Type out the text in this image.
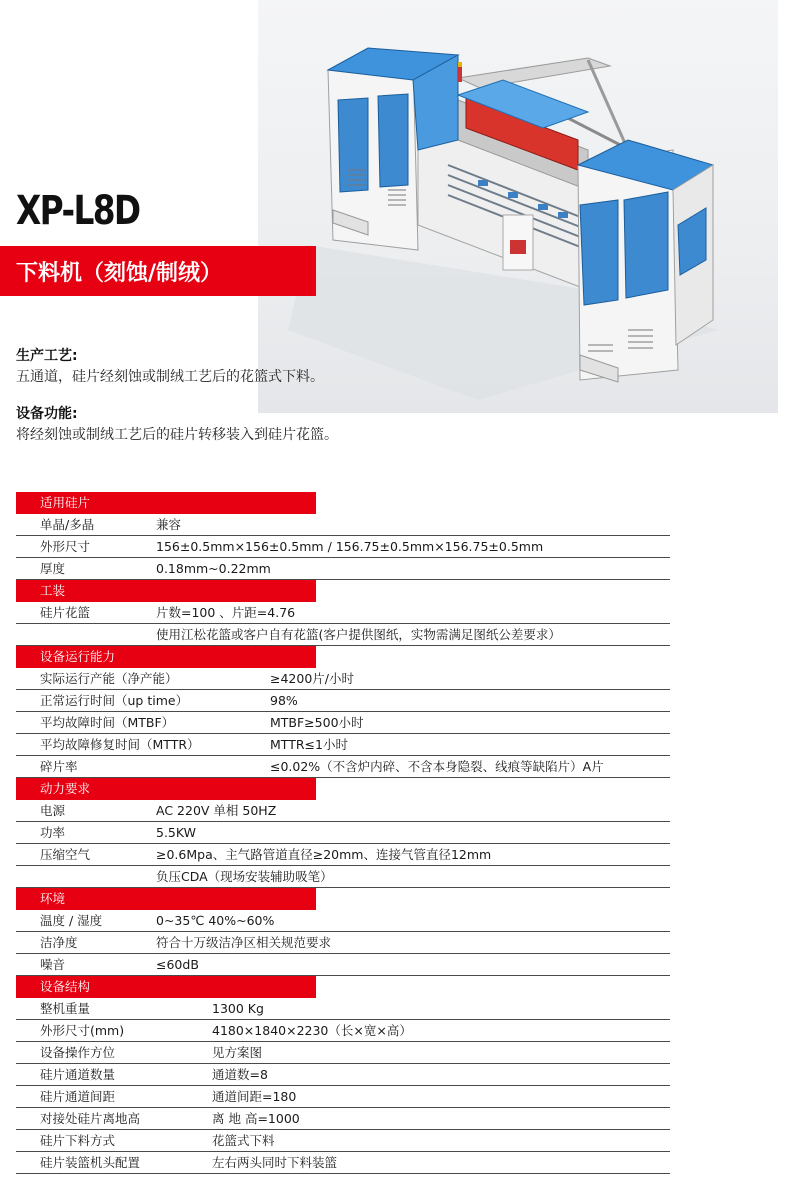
XP-L8D
下料机（刻蚀/制绒）
生产工艺:
五通道，硅片经刻蚀或制绒工艺后的花篮式下料。
设备功能:
将经刻蚀或制绒工艺后的硅片转移装入到硅片花篮。
适用硅片
单晶/多晶	兼容
外形尺寸	156±0.5mm×156±0.5mm / 156.75±0.5mm×156.75±0.5mm
厚度	0.18mm~0.22mm
工装
硅片花篮	片数=100 、片距=4.76
使用江松花篮或客户自有花篮(客户提供图纸，实物需满足图纸公差要求）
设备运行能力
实际运行产能（净产能）	≥4200片/小时
正常运行时间（up time）	98%
平均故障时间（MTBF）	MTBF≥500小时
平均故障修复时间（MTTR）	MTTR≤1小时
碎片率	≤0.02%（不含炉内碎、不含本身隐裂、线痕等缺陷片）A片
动力要求
电源	AC 220V 单相 50HZ
功率	5.5KW
压缩空气	≥0.6Mpa、主气路管道直径≥20mm、连接气管直径12mm
负压CDA（现场安装辅助吸笔）
环境
温度 / 湿度	0~35℃ 40%~60%
洁净度	符合十万级洁净区相关规范要求
噪音	≤60dB
设备结构
整机重量	1300 Kg
外形尺寸(mm)	4180×1840×2230（长×宽×高）
设备操作方位	见方案图
硅片通道数量	通道数=8
硅片通道间距	通道间距=180
对接处硅片离地高	离 地 高=1000
硅片下料方式	花篮式下料
硅片装篮机头配置	左右两头同时下料装篮
